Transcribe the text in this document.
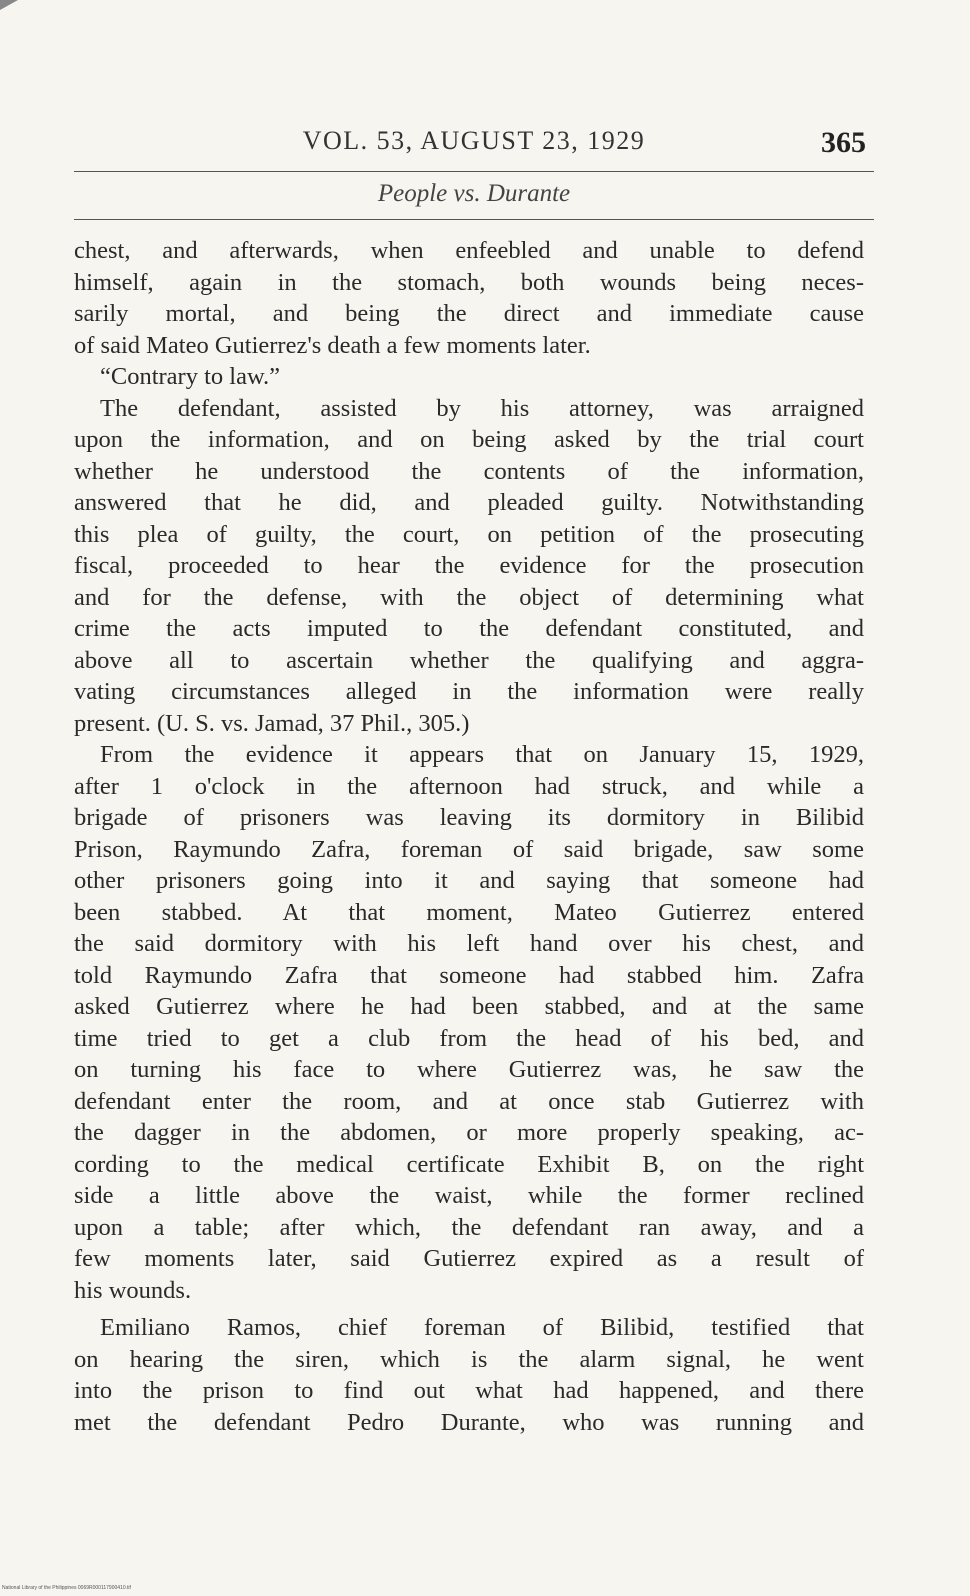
VOL. 53, AUGUST 23, 1929	365
People vs. Durante
chest, and afterwards, when enfeebled and unable to defend
himself, again in the stomach, both wounds being neces-
sarily mortal, and being the direct and immediate cause
of said Mateo Gutierrez's death a few moments later.
“Contrary to law.”
The defendant, assisted by his attorney, was arraigned
upon the information, and on being asked by the trial court
whether he understood the contents of the information,
answered that he did, and pleaded guilty. Notwithstanding
this plea of guilty, the court, on petition of the prosecuting
fiscal, proceeded to hear the evidence for the prosecution
and for the defense, with the object of determining what
crime the acts imputed to the defendant constituted, and
above all to ascertain whether the qualifying and aggra-
vating circumstances alleged in the information were really
present. (U. S. vs. Jamad, 37 Phil., 305.)
From the evidence it appears that on January 15, 1929,
after 1 o'clock in the afternoon had struck, and while a
brigade of prisoners was leaving its dormitory in Bilibid
Prison, Raymundo Zafra, foreman of said brigade, saw some
other prisoners going into it and saying that someone had
been stabbed. At that moment, Mateo Gutierrez entered
the said dormitory with his left hand over his chest, and
told Raymundo Zafra that someone had stabbed him. Zafra
asked Gutierrez where he had been stabbed, and at the same
time tried to get a club from the head of his bed, and
on turning his face to where Gutierrez was, he saw the
defendant enter the room, and at once stab Gutierrez with
the dagger in the abdomen, or more properly speaking, ac-
cording to the medical certificate Exhibit B, on the right
side a little above the waist, while the former reclined
upon a table; after which, the defendant ran away, and a
few moments later, said Gutierrez expired as a result of
his wounds.
Emiliano Ramos, chief foreman of Bilibid, testified that
on hearing the siren, which is the alarm signal, he went
into the prison to find out what had happened, and there
met the defendant Pedro Durante, who was running and
National Library of the Philippines 0069R000117900410.tif
